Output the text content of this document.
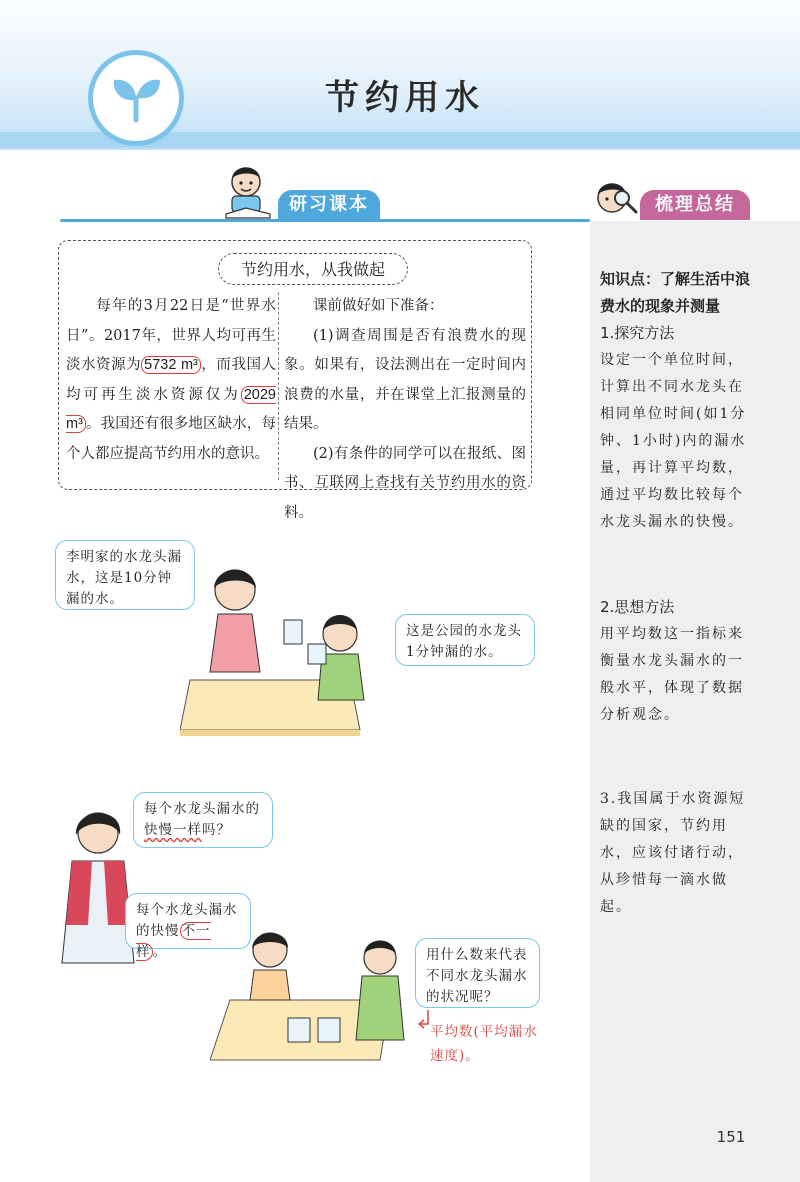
节约用水
研习课本	梳理总结
节约用水，从我做起

  每年的3月22日是“世界水日”。2017年，世界人均可再生淡水资源为 5732 m³ ，而我国人均可再生淡水资源仅为 2029 m³ 。我国还有很多地区缺水，每个人都应提高节约用水的意识。

  课前做好如下准备：

  (1)调查周围是否有浪费水的现象。如果有，设法测出在一定时间内浪费的水量，并在课堂上汇报测量的结果。

  (2)有条件的同学可以在报纸、图书、互联网上查找有关节约用水的资料。

李明家的水龙头漏水，这是10分钟漏的水。

这是公园的水龙头1分钟漏的水。

每个水龙头漏水的快慢一样吗？

每个水龙头漏水的快慢 不一样 。	用什么数来代表不同水龙头漏水的状况呢？

平均数(平均漏水速度)。
知识点：了解生活中浪费水的现象并测量
1.探究方法
设定一个单位时间，计算出不同水龙头在相同单位时间(如1分钟、1小时)内的漏水量，再计算平均数，通过平均数比较每个水龙头漏水的快慢。
2.思想方法
用平均数这一指标来衡量水龙头漏水的一般水平，体现了数据分析观念。
3.我国属于水资源短缺的国家，节约用水，应该付诸行动，从珍惜每一滴水做起。
151
